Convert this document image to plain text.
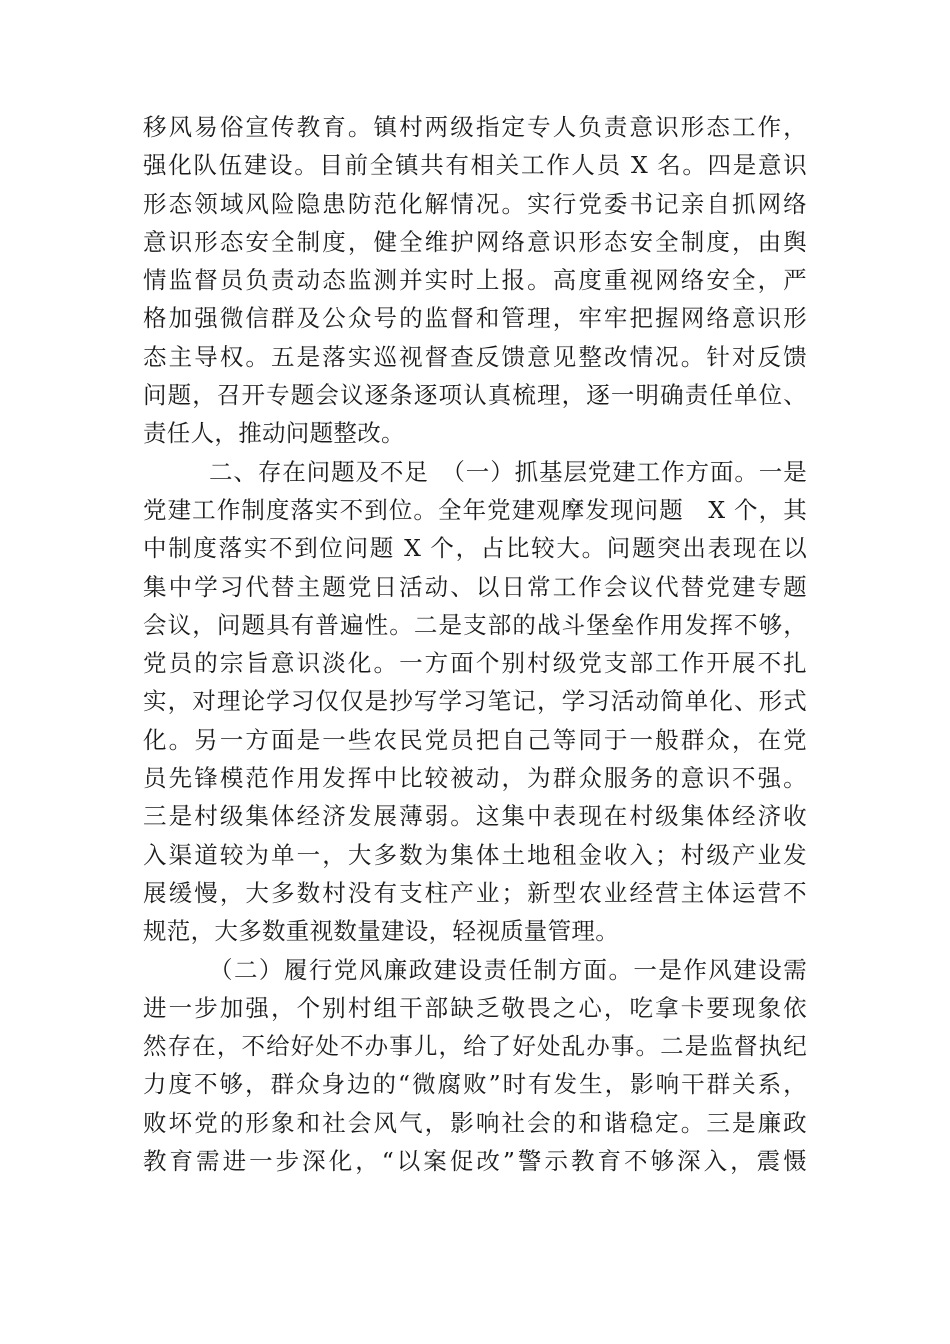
移风易俗宣传教育。镇村两级指定专人负责意识形态工作，
强化队伍建设。目前全镇共有相关工作人员 X 名。四是意识
形态领域风险隐患防范化解情况。实行党委书记亲自抓网络
意识形态安全制度，健全维护网络意识形态安全制度，由舆
情监督员负责动态监测并实时上报。高度重视网络安全，严
格加强微信群及公众号的监督和管理，牢牢把握网络意识形
态主导权。五是落实巡视督查反馈意见整改情况。针对反馈
问题，召开专题会议逐条逐项认真梳理，逐一明确责任单位、
责任人，推动问题整改。
二、存在问题及不足　（一）抓基层党建工作方面。一是
党建工作制度落实不到位。全年党建观摩发现问题　X 个，其
中制度落实不到位问题 X 个，占比较大。问题突出表现在以
集中学习代替主题党日活动、以日常工作会议代替党建专题
会议，问题具有普遍性。二是支部的战斗堡垒作用发挥不够，
党员的宗旨意识淡化。一方面个别村级党支部工作开展不扎
实，对理论学习仅仅是抄写学习笔记，学习活动简单化、形式
化。另一方面是一些农民党员把自己等同于一般群众，在党
员先锋模范作用发挥中比较被动，为群众服务的意识不强。
三是村级集体经济发展薄弱。这集中表现在村级集体经济收
入渠道较为单一，大多数为集体土地租金收入；村级产业发
展缓慢，大多数村没有支柱产业；新型农业经营主体运营不
规范，大多数重视数量建设，轻视质量管理。
（二）履行党风廉政建设责任制方面。一是作风建设需
进一步加强，个别村组干部缺乏敬畏之心，吃拿卡要现象依
然存在，不给好处不办事儿，给了好处乱办事。二是监督执纪
力度不够，群众身边的“微腐败”时有发生，影响干群关系，
败坏党的形象和社会风气，影响社会的和谐稳定。三是廉政
教育需进一步深化，“以案促改”警示教育不够深入，震慑
